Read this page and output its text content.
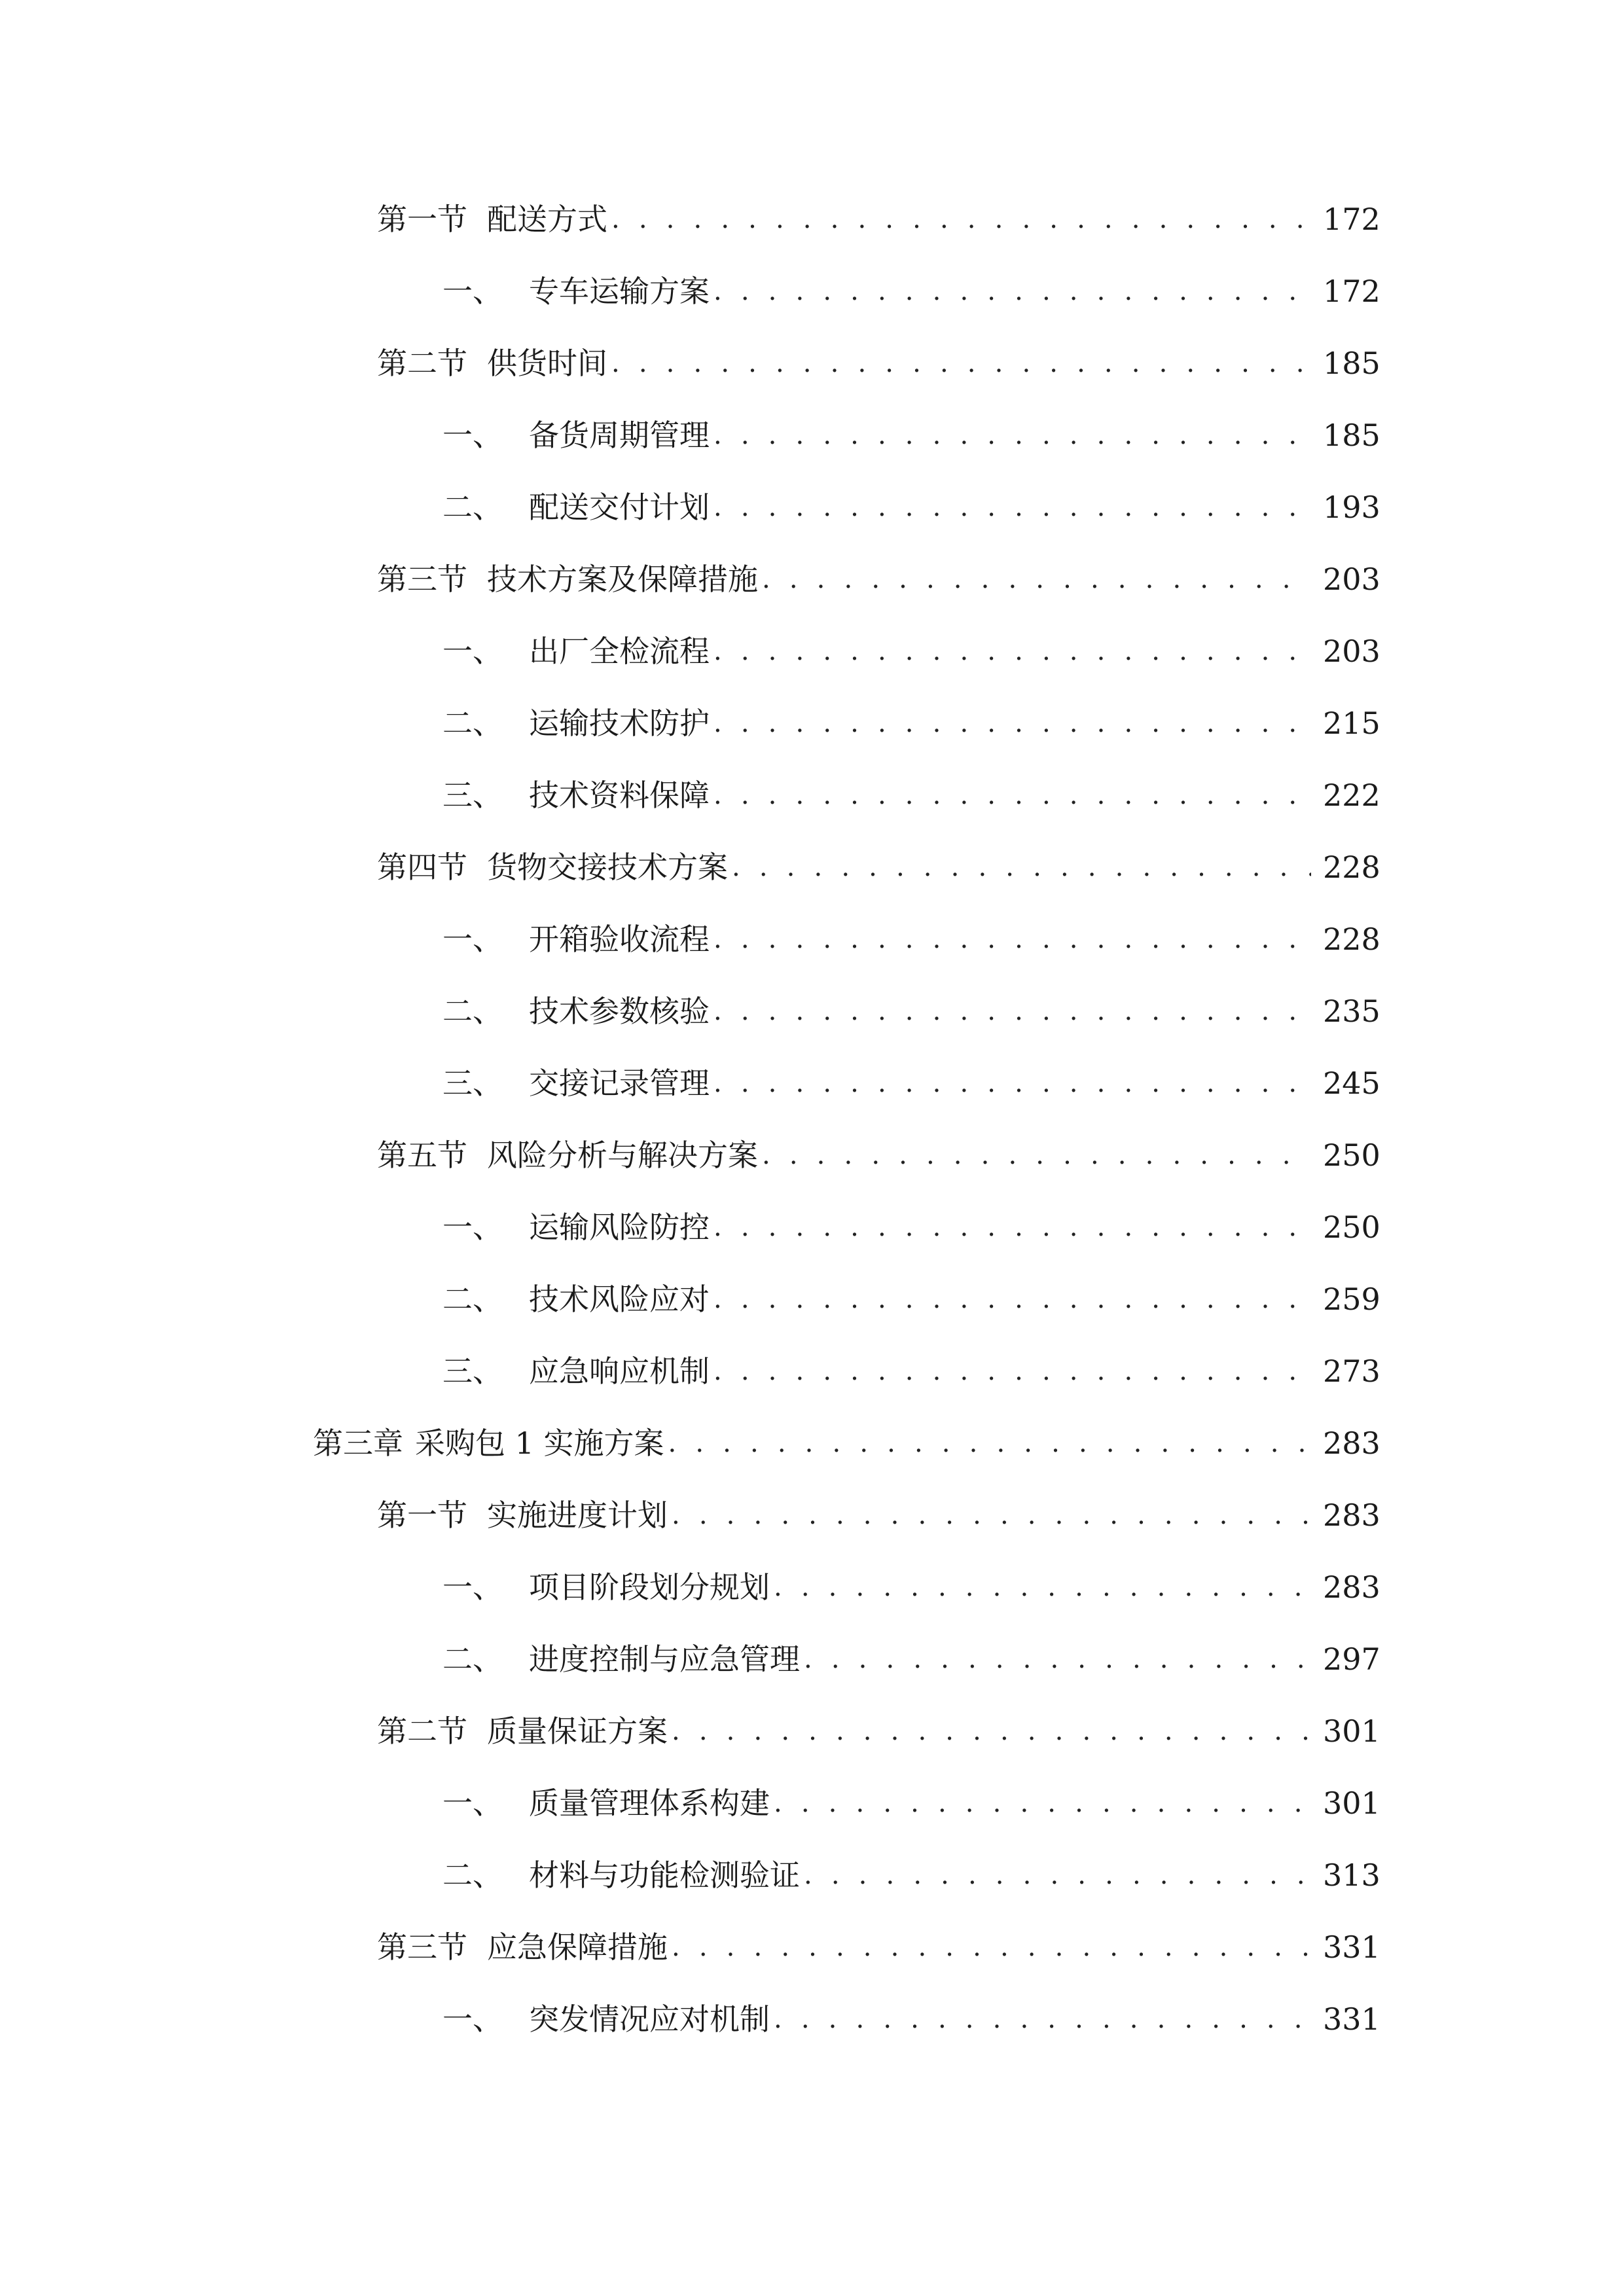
第一节 配送方式 . . .	172
一、 专车运输方案 . . .	172
第二节 供货时间 . . .	185
一、 备货周期管理 . . .	185
二、 配送交付计划 . . .	193
第三节 技术方案及保障措施 . . .	203
一、 出厂全检流程 . . .	203
二、 运输技术防护 . . .	215
三、 技术资料保障 . . .	222
第四节 货物交接技术方案 . . .	228
一、 开箱验收流程 . . .	228
二、 技术参数核验 . . .	235
三、 交接记录管理 . . .	245
第五节 风险分析与解决方案 . . .	250
一、 运输风险防控 . . .	250
二、 技术风险应对 . . .	259
三、 应急响应机制 . . .	273
第三章 采购包 1 实施方案 . . .	283
第一节 实施进度计划 . . .	283
一、 项目阶段划分规划 . . .	283
二、 进度控制与应急管理 . . .	297
第二节 质量保证方案 . . .	301
一、 质量管理体系构建 . . .	301
二、 材料与功能检测验证 . . .	313
第三节 应急保障措施 . . .	331
一、 突发情况应对机制 . . .	331
